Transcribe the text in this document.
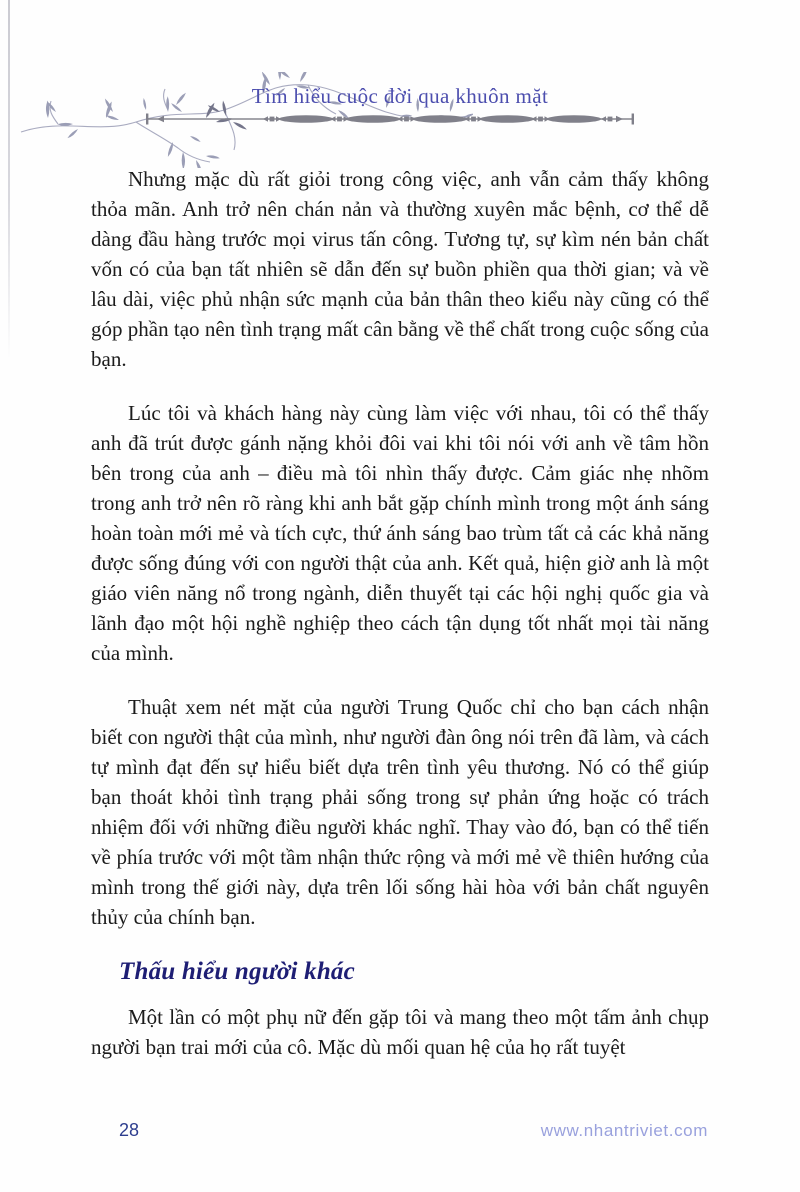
Tìm hiểu cuộc đời qua khuôn mặt

Nhưng mặc dù rất giỏi trong công việc, anh vẫn cảm thấy không thỏa mãn. Anh trở nên chán nản và thường xuyên mắc bệnh, cơ thể dễ dàng đầu hàng trước mọi virus tấn công. Tương tự, sự kìm nén bản chất vốn có của bạn tất nhiên sẽ dẫn đến sự buồn phiền qua thời gian; và về lâu dài, việc phủ nhận sức mạnh của bản thân theo kiểu này cũng có thể góp phần tạo nên tình trạng mất cân bằng về thể chất trong cuộc sống của bạn.

Lúc tôi và khách hàng này cùng làm việc với nhau, tôi có thể thấy anh đã trút được gánh nặng khỏi đôi vai khi tôi nói với anh về tâm hồn bên trong của anh – điều mà tôi nhìn thấy được. Cảm giác nhẹ nhõm trong anh trở nên rõ ràng khi anh bắt gặp chính mình trong một ánh sáng hoàn toàn mới mẻ và tích cực, thứ ánh sáng bao trùm tất cả các khả năng được sống đúng với con người thật của anh. Kết quả, hiện giờ anh là một giáo viên năng nổ trong ngành, diễn thuyết tại các hội nghị quốc gia và lãnh đạo một hội nghề nghiệp theo cách tận dụng tốt nhất mọi tài năng của mình.

Thuật xem nét mặt của người Trung Quốc chỉ cho bạn cách nhận biết con người thật của mình, như người đàn ông nói trên đã làm, và cách tự mình đạt đến sự hiểu biết dựa trên tình yêu thương. Nó có thể giúp bạn thoát khỏi tình trạng phải sống trong sự phản ứng hoặc có trách nhiệm đối với những điều người khác nghĩ. Thay vào đó, bạn có thể tiến về phía trước với một tầm nhận thức rộng và mới mẻ về thiên hướng của mình trong thế giới này, dựa trên lối sống hài hòa với bản chất nguyên thủy của chính bạn.

Thấu hiểu người khác

Một lần có một phụ nữ đến gặp tôi và mang theo một tấm ảnh chụp người bạn trai mới của cô. Mặc dù mối quan hệ của họ rất tuyệt

28	www.nhantriviet.com
